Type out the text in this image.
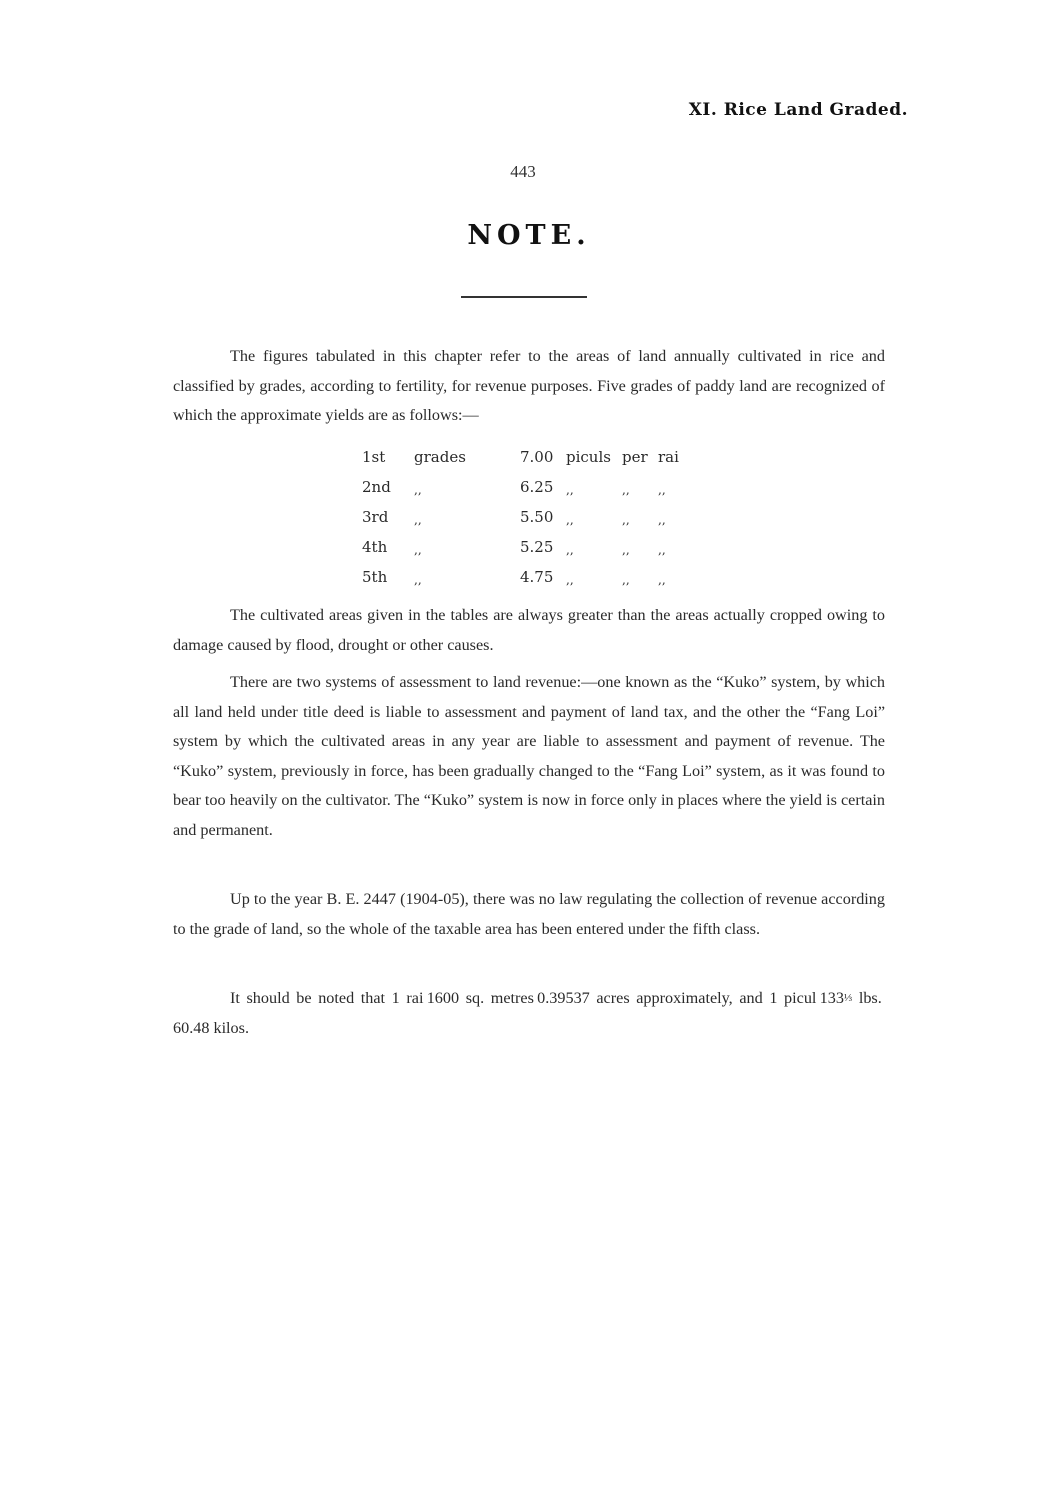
XI. Rice Land Graded.
443
NOTE.

The figures tabulated in this chapter refer to the areas of land annually cultivated in rice and classified by grades, according to fertility, for revenue purposes. Five grades of paddy land are recognized of which the approximate yields are as follows:—

1st	grades	7.00	piculs	per	rai
2nd	,,	6.25	,,	,,	,,
3rd	,,	5.50	,,	,,	,,
4th	,,	5.25	,,	,,	,,
5th	,,	4.75	,,	,,	,,

The cultivated areas given in the tables are always greater than the areas actually cropped owing to damage caused by flood, drought or other causes.

There are two systems of assessment to land revenue:—one known as the “Kuko” system, by which all land held under title deed is liable to assessment and payment of land tax, and the other the “Fang Loi” system by which the cultivated areas in any year are liable to assessment and payment of revenue. The “Kuko” system, previously in force, has been gradually changed to the “Fang Loi” system, as it was found to bear too heavily on the cultivator. The “Kuko” system is now in force only in places where the yield is certain and permanent.

Up to the year B. E. 2447 (1904-05), there was no law regulating the collection of revenue according to the grade of land, so the whole of the taxable area has been entered under the fifth class.

It should be noted that 1 rai 1600 sq. metres 0.39537 acres approximately, and 1 picul 133⅓ lbs. 60.48 kilos.
